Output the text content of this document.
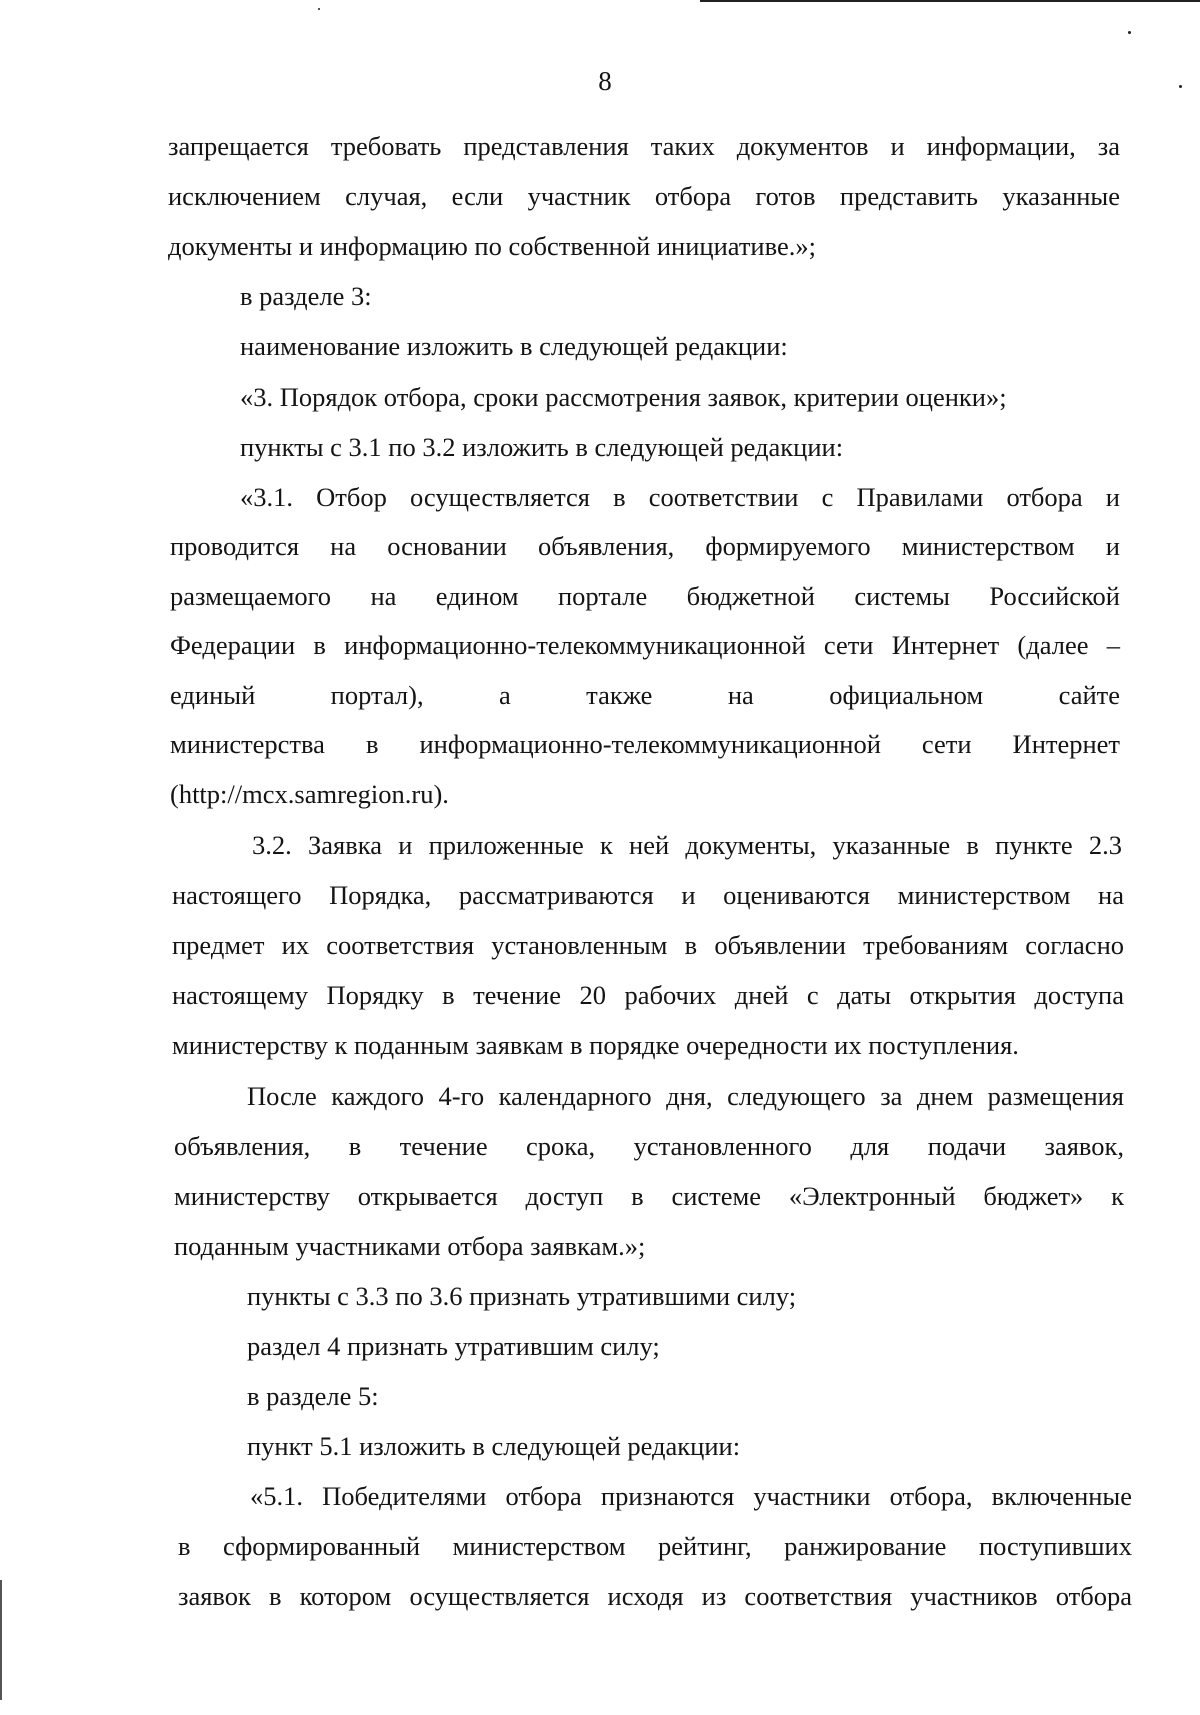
8
запрещается требовать представления таких документов и информации, за
исключением случая, если участник отбора готов представить указанные
документы и информацию по собственной инициативе.»;
в разделе 3:
наименование изложить в следующей редакции:
«3. Порядок отбора, сроки рассмотрения заявок, критерии оценки»;
пункты с 3.1 по 3.2 изложить в следующей редакции:
«3.1. Отбор осуществляется в соответствии с Правилами отбора и
проводится на основании объявления, формируемого министерством и
размещаемого на едином портале бюджетной системы Российской
Федерации в информационно-телекоммуникационной сети Интернет (далее –
единый портал), а также на официальном сайте
министерства в информационно-телекоммуникационной сети Интернет
(http://mcx.samregion.ru).
3.2. Заявка и приложенные к ней документы, указанные в пункте 2.3
настоящего Порядка, рассматриваются и оцениваются министерством на
предмет их соответствия установленным в объявлении требованиям согласно
настоящему Порядку в течение 20 рабочих дней с даты открытия доступа
министерству к поданным заявкам в порядке очередности их поступления.
После каждого 4-го календарного дня, следующего за днем размещения
объявления, в течение срока, установленного для подачи заявок,
министерству открывается доступ в системе «Электронный бюджет» к
поданным участниками отбора заявкам.»;
пункты с 3.3 по 3.6 признать утратившими силу;
раздел 4 признать утратившим силу;
в разделе 5:
пункт 5.1 изложить в следующей редакции:
«5.1. Победителями отбора признаются участники отбора, включенные
в сформированный министерством рейтинг, ранжирование поступивших
заявок в котором осуществляется исходя из соответствия участников отбора
